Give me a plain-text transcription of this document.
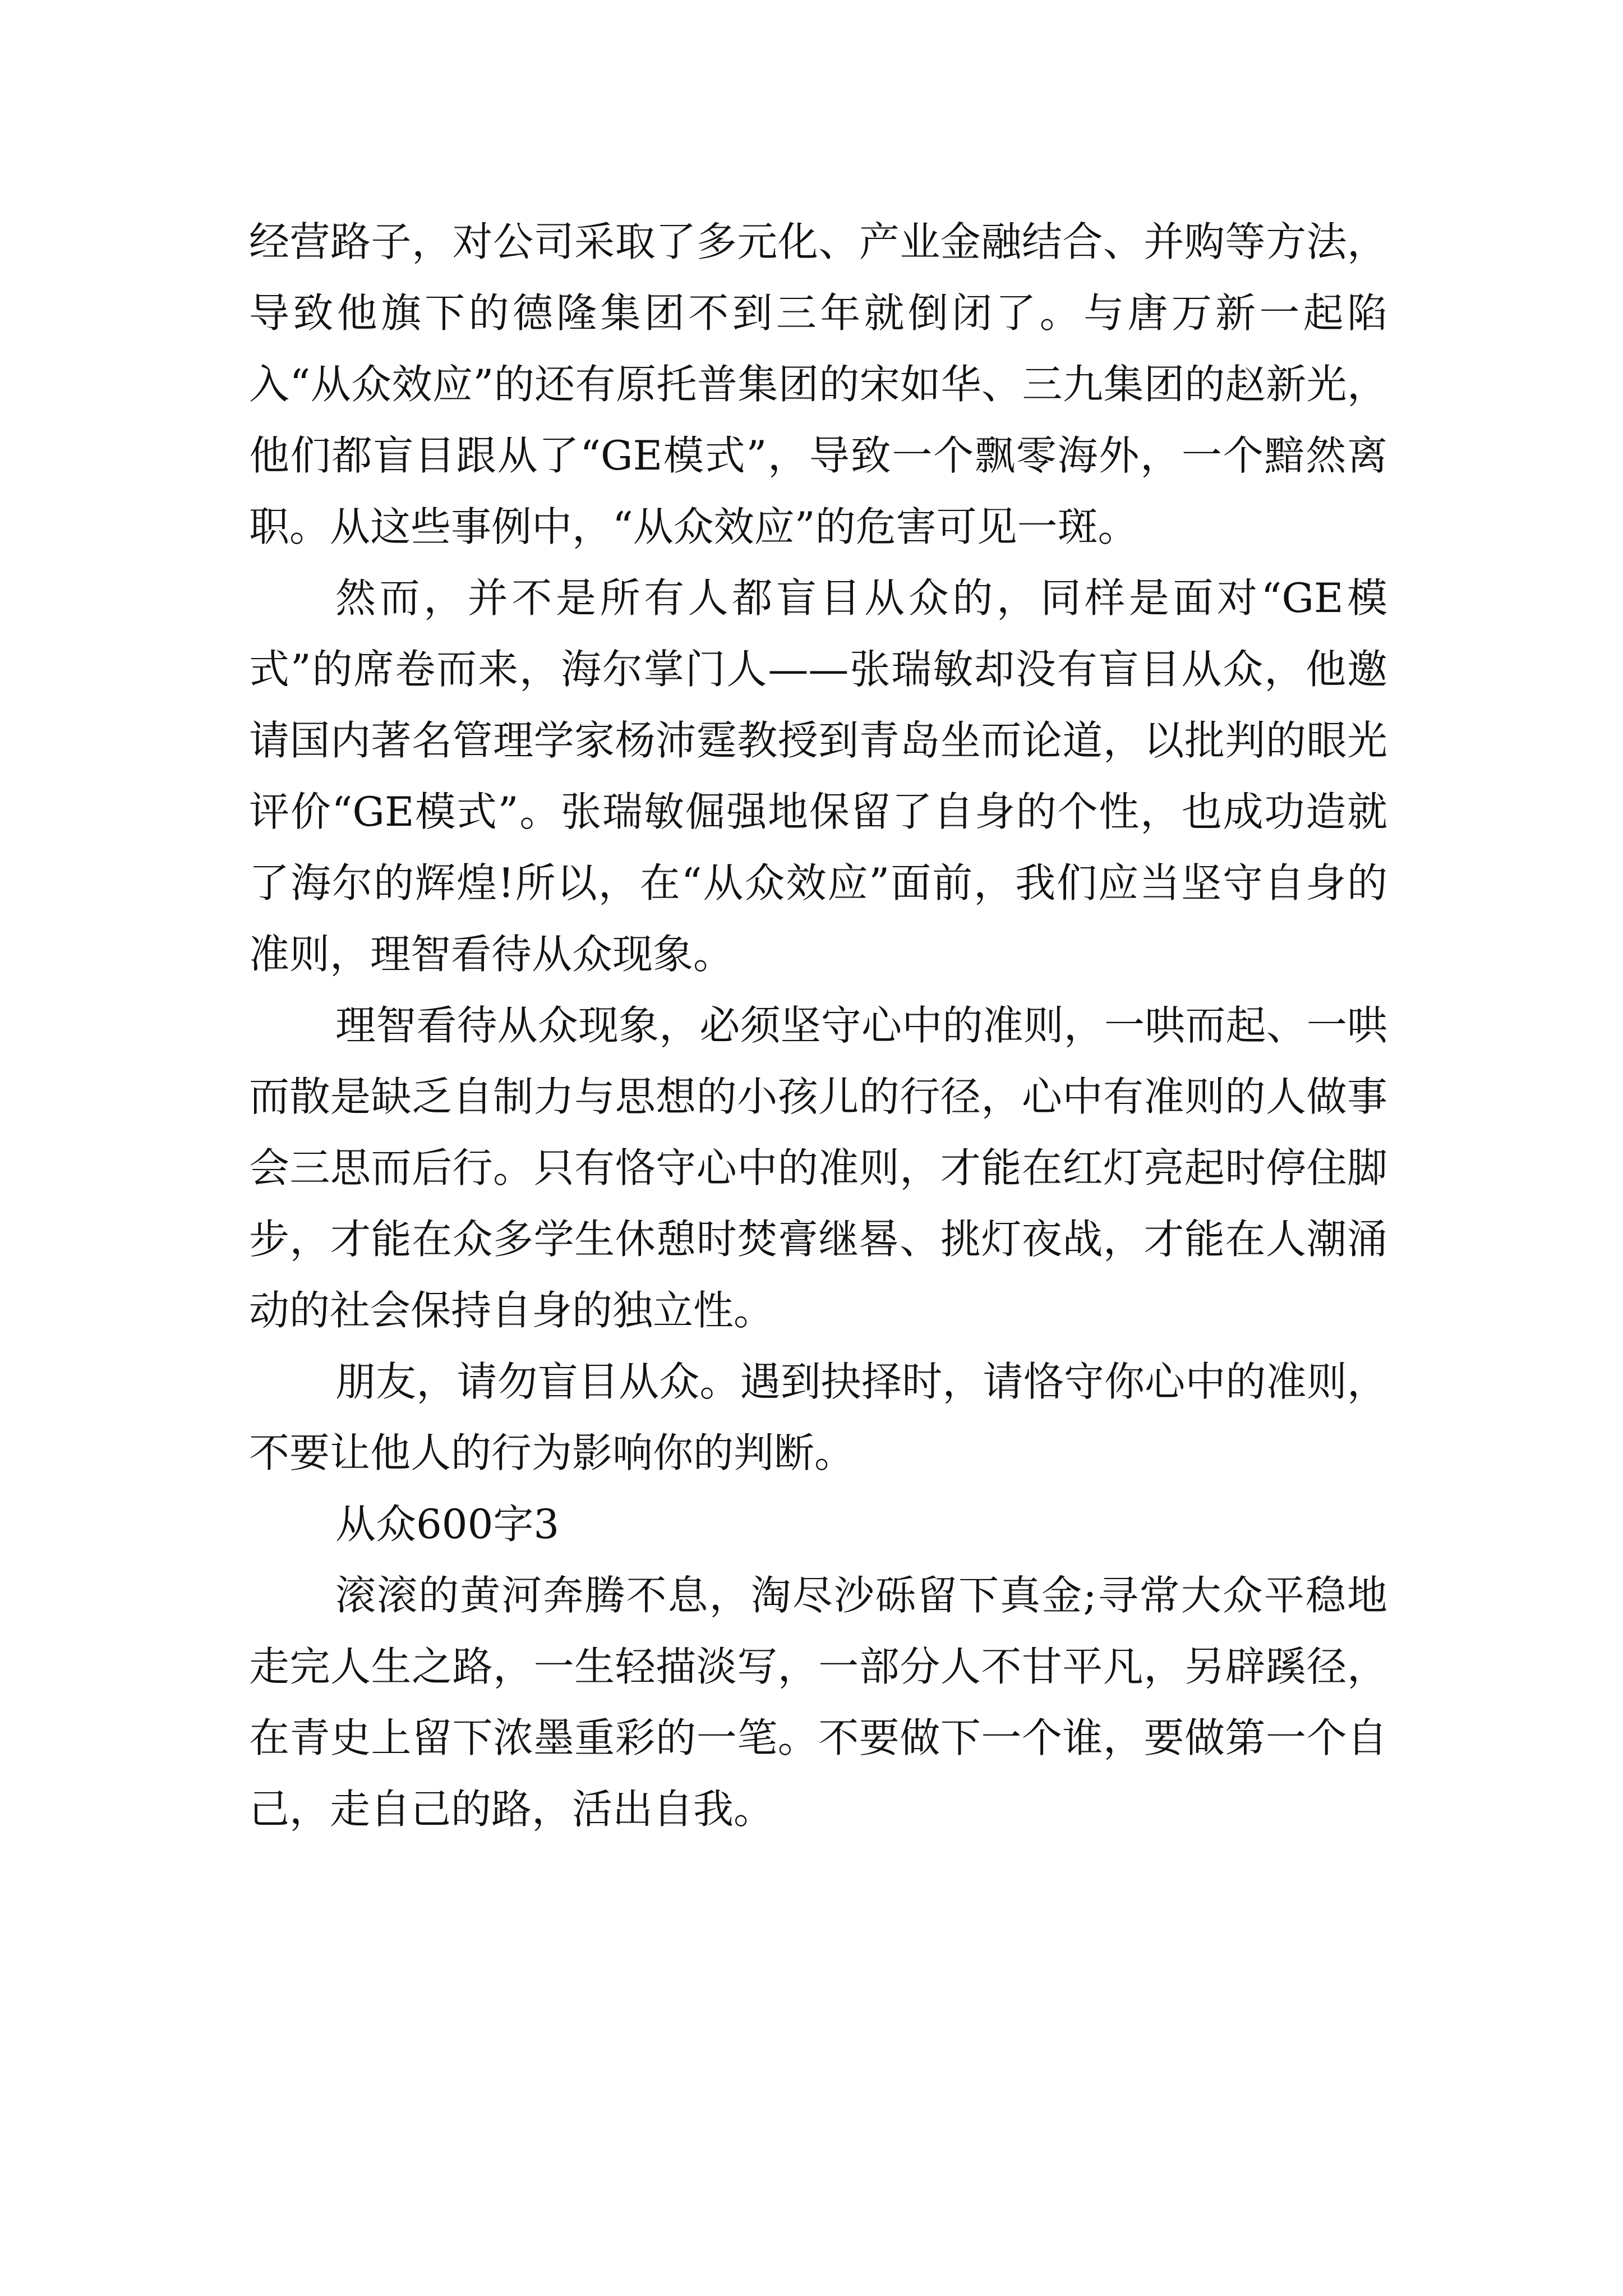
经营路子，对公司采取了多元化、产业金融结合、并购等方法，导致他旗下的德隆集团不到三年就倒闭了。与唐万新一起陷入“从众效应”的还有原托普集团的宋如华、三九集团的赵新光，他们都盲目跟从了“GE模式”，导致一个飘零海外，一个黯然离职。从这些事例中，“从众效应”的危害可见一斑。

然而，并不是所有人都盲目从众的，同样是面对“GE模式”的席卷而来，海尔掌门人——张瑞敏却没有盲目从众，他邀请国内著名管理学家杨沛霆教授到青岛坐而论道，以批判的眼光评价“GE模式”。张瑞敏倔强地保留了自身的个性，也成功造就了海尔的辉煌!所以，在“从众效应”面前，我们应当坚守自身的准则，理智看待从众现象。

理智看待从众现象，必须坚守心中的准则，一哄而起、一哄而散是缺乏自制力与思想的小孩儿的行径，心中有准则的人做事会三思而后行。只有恪守心中的准则，才能在红灯亮起时停住脚步，才能在众多学生休憩时焚膏继晷、挑灯夜战，才能在人潮涌动的社会保持自身的独立性。

朋友，请勿盲目从众。遇到抉择时，请恪守你心中的准则，不要让他人的行为影响你的判断。

从众600字3

滚滚的黄河奔腾不息，淘尽沙砾留下真金;寻常大众平稳地走完人生之路，一生轻描淡写，一部分人不甘平凡，另辟蹊径，在青史上留下浓墨重彩的一笔。不要做下一个谁，要做第一个自己，走自己的路，活出自我。
